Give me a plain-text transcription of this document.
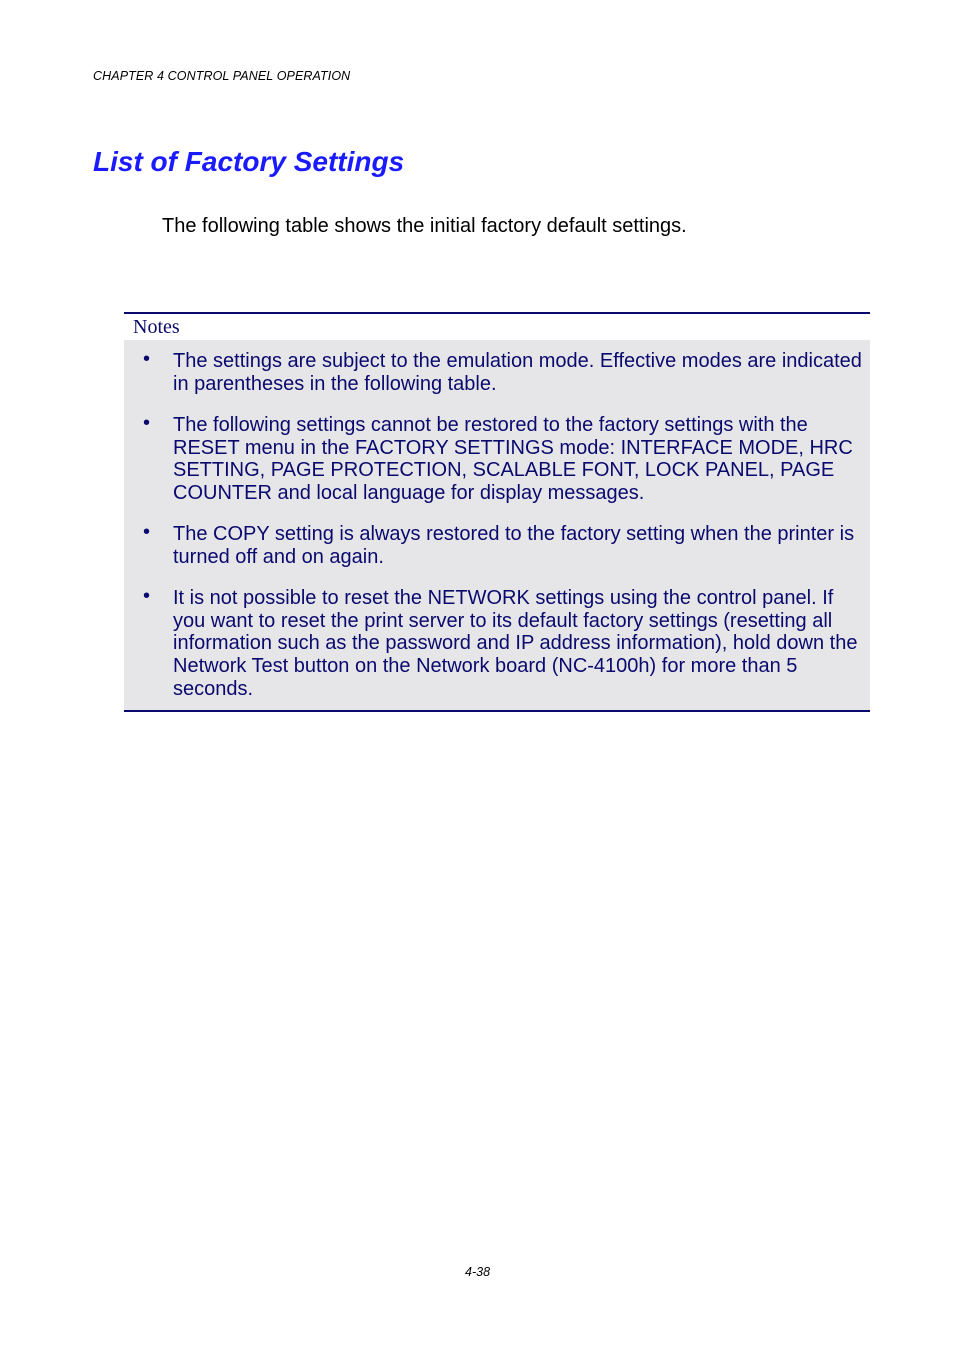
CHAPTER 4 CONTROL PANEL OPERATION
List of Factory Settings

The following table shows the initial factory default settings.

Notes
• The settings are subject to the emulation mode. Effective modes are indicated in parentheses in the following table.

• The following settings cannot be restored to the factory settings with the RESET menu in the FACTORY SETTINGS mode: INTERFACE MODE, HRC SETTING, PAGE PROTECTION, SCALABLE FONT, LOCK PANEL, PAGE COUNTER and local language for display messages.

• The COPY setting is always restored to the factory setting when the printer is turned off and on again.

• It is not possible to reset the NETWORK settings using the control panel. If you want to reset the print server to its default factory settings (resetting all information such as the password and IP address information), hold down the Network Test button on the Network board (NC-4100h) for more than 5 seconds.

4-38
